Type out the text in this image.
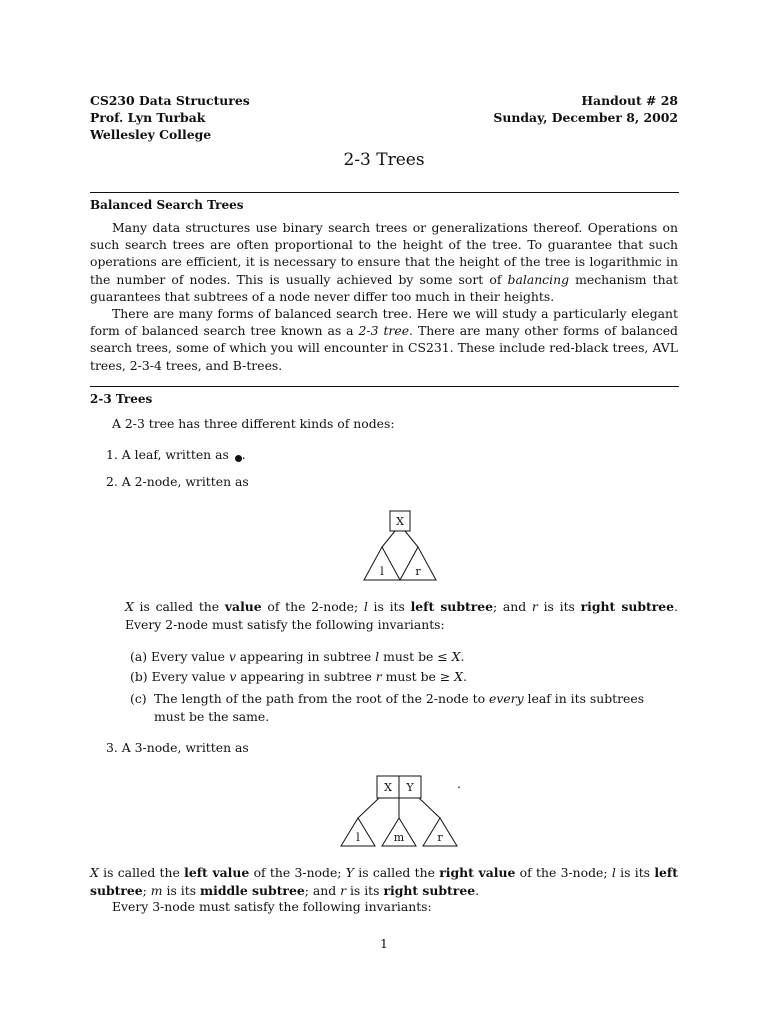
CS230 Data Structures
Prof. Lyn Turbak
Wellesley College
Handout # 28
Sunday, December 8, 2002
2-3 Trees
Balanced Search Trees
Many data structures use binary search trees or generalizations thereof. Operations on such search trees are often proportional to the height of the tree. To guarantee that such operations are efficient, it is necessary to ensure that the height of the tree is logarithmic in the number of nodes. This is usually achieved by some sort of balancing mechanism that guarantees that subtrees of a node never differ too much in their heights.
There are many forms of balanced search tree. Here we will study a particularly elegant form of balanced search tree known as a 2-3 tree. There are many other forms of balanced search trees, some of which you will encounter in CS231. These include red-black trees, AVL trees, 2-3-4 trees, and B-trees.
2-3 Trees
A 2-3 tree has three different kinds of nodes:
1. A leaf, written as .
2. A 2-node, written as
X
l	r
X is called the value of the 2-node; l is its left subtree; and r is its right subtree. Every 2-node must satisfy the following invariants:
(a) Every value v appearing in subtree l must be ≤ X.
(b) Every value v appearing in subtree r must be ≥ X.
(c) The length of the path from the root of the 2-node to every leaf in its subtrees must be the same.
3. A 3-node, written as
X Y
l	m	r
.
X is called the left value of the 3-node; Y is called the right value of the 3-node; l is its left subtree; m is its middle subtree; and r is its right subtree.
Every 3-node must satisfy the following invariants:
1
